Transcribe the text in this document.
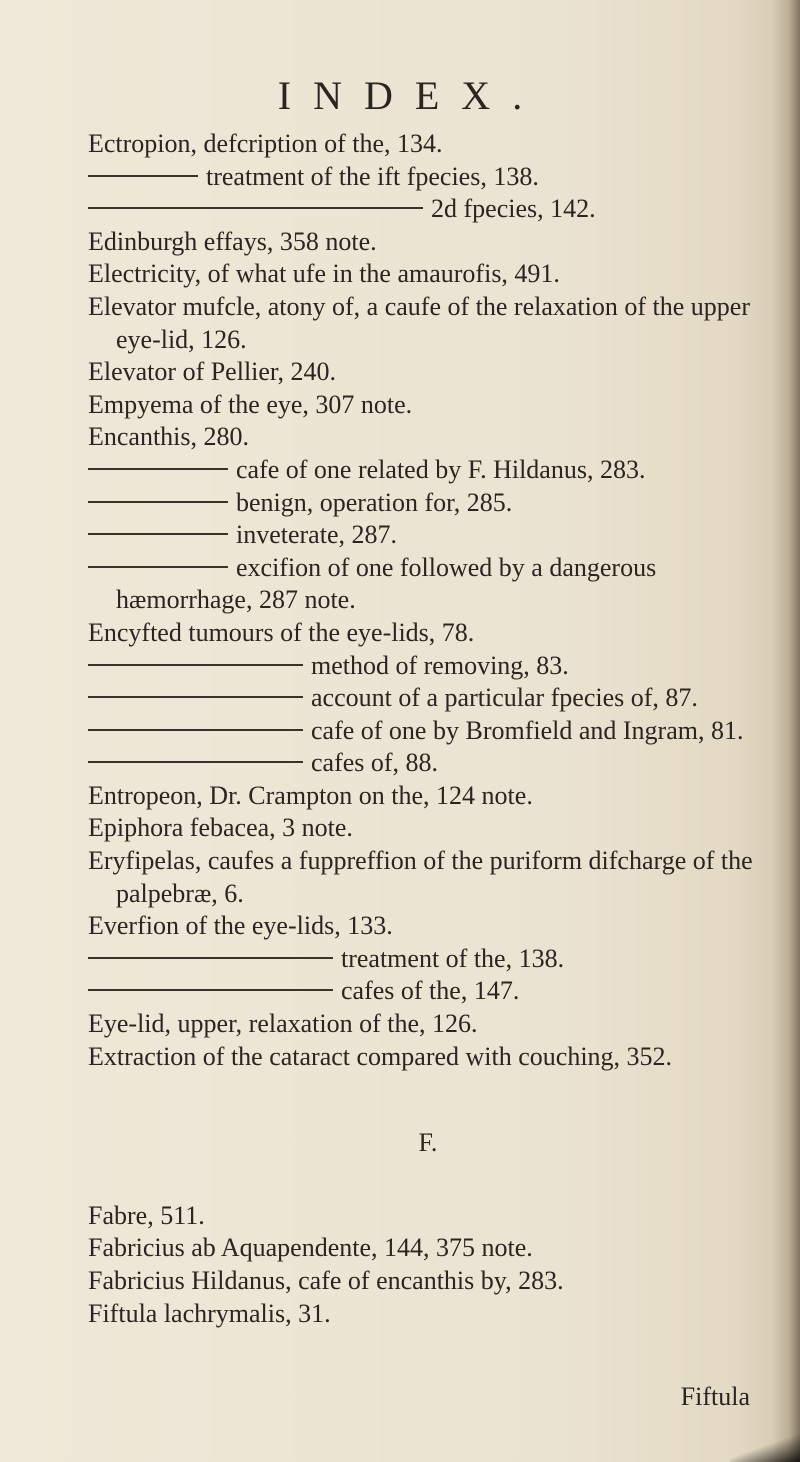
INDEX.
Ectropion, defcription of the, 134.
treatment of the ift fpecies, 138.
2d fpecies, 142.
Edinburgh effays, 358 note.
Electricity, of what ufe in the amaurofis, 491.
Elevator mufcle, atony of, a caufe of the relaxation of the upper eye-lid, 126.
Elevator of Pellier, 240.
Empyema of the eye, 307 note.
Encanthis, 280.
cafe of one related by F. Hildanus, 283.
benign, operation for, 285.
inveterate, 287.
excifion of one followed by a dangerous hæmorrhage, 287 note.
Encyfted tumours of the eye-lids, 78.
method of removing, 83.
account of a particular fpecies of, 87.
cafe of one by Bromfield and Ingram, 81.
cafes of, 88.
Entropeon, Dr. Crampton on the, 124 note.
Epiphora febacea, 3 note.
Eryfipelas, caufes a fuppreffion of the puriform difcharge of the palpebræ, 6.
Everfion of the eye-lids, 133.
treatment of the, 138.
cafes of the, 147.
Eye-lid, upper, relaxation of the, 126.
Extraction of the cataract compared with couching, 352.
F.
Fabre, 511.
Fabricius ab Aquapendente, 144, 375 note.
Fabricius Hildanus, cafe of encanthis by, 283.
Fiftula lachrymalis, 31.
Fiftula
